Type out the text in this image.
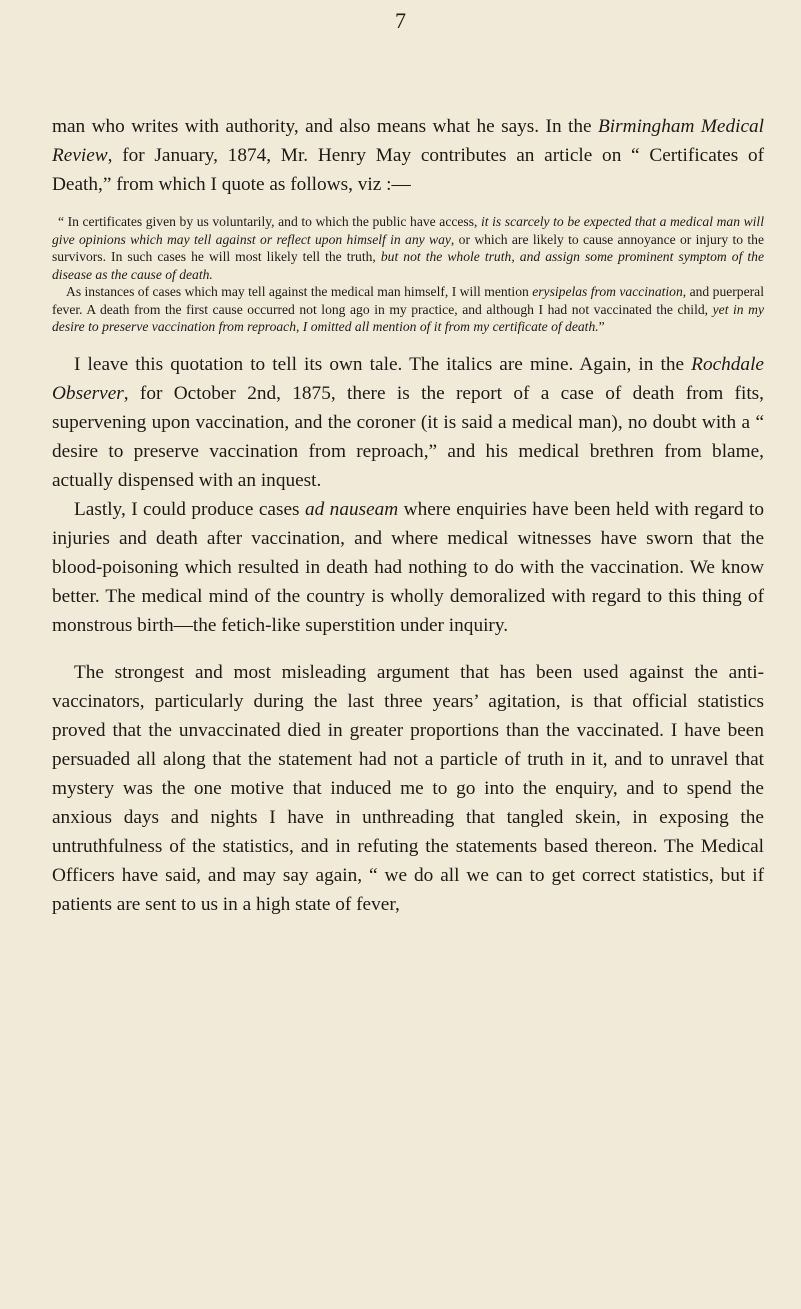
7

man who writes with authority, and also means what he says. In the Birmingham Medical Review, for January, 1874, Mr. Henry May contributes an article on “ Certificates of Death,” from which I quote as follows, viz :—

“ In certificates given by us voluntarily, and to which the public have access, it is scarcely to be expected that a medical man will give opinions which may tell against or reflect upon himself in any way, or which are likely to cause annoyance or injury to the survivors. In such cases he will most likely tell the truth, but not the whole truth, and assign some prominent symptom of the disease as the cause of death.

As instances of cases which may tell against the medical man himself, I will mention erysipelas from vaccination, and puerperal fever. A death from the first cause occurred not long ago in my practice, and although I had not vaccinated the child, yet in my desire to preserve vaccination from reproach, I omitted all mention of it from my certificate of death.”

I leave this quotation to tell its own tale. The italics are mine. Again, in the Rochdale Observer, for October 2nd, 1875, there is the report of a case of death from fits, supervening upon vaccination, and the coroner (it is said a medical man), no doubt with a “ desire to preserve vaccination from reproach,” and his medical brethren from blame, actually dispensed with an inquest.

Lastly, I could produce cases ad nauseam where enquiries have been held with regard to injuries and death after vaccination, and where medical witnesses have sworn that the blood-poisoning which resulted in death had nothing to do with the vaccination. We know better. The medical mind of the country is wholly demoralized with regard to this thing of monstrous birth—the fetich-like superstition under inquiry.

The strongest and most misleading argument that has been used against the anti-vaccinators, particularly during the last three years’ agitation, is that official statistics proved that the unvaccinated died in greater proportions than the vaccinated. I have been persuaded all along that the statement had not a particle of truth in it, and to unravel that mystery was the one motive that induced me to go into the enquiry, and to spend the anxious days and nights I have in unthreading that tangled skein, in exposing the untruthfulness of the statistics, and in refuting the statements based thereon. The Medical Officers have said, and may say again, “ we do all we can to get correct statistics, but if patients are sent to us in a high state of fever,
